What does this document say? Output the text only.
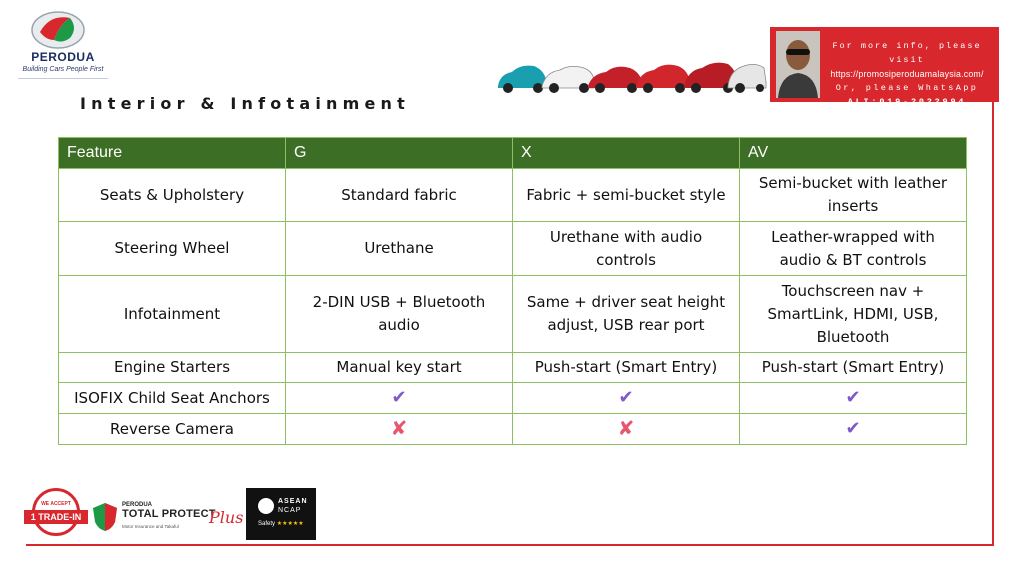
PERODUA
Building Cars People First
Interior & Infotainment
For more info, please visit
https://promosiperoduamalaysia.com/
Or, please WhatsApp
ALI:019-2022994
Feature	G	X	AV
Seats & Upholstery	Standard fabric	Fabric + semi-bucket style	Semi-bucket with leather inserts
Steering Wheel	Urethane	Urethane with audio controls	Leather-wrapped with audio & BT controls
Infotainment	2-DIN USB + Bluetooth audio	Same + driver seat height adjust, USB rear port	Touchscreen nav + SmartLink, HDMI, USB, Bluetooth
Engine Starters	Manual key start	Push-start (Smart Entry)	Push-start (Smart Entry)
ISOFIX Child Seat Anchors	✔	✔	✔
Reverse Camera	✘	✘	✔
WE ACCEPT
1 TRADE-IN
PERODUA
TOTAL PROTECT
Plus
Motor Insurance and Takaful
ASEAN
NCAP
Safety ★★★★★
